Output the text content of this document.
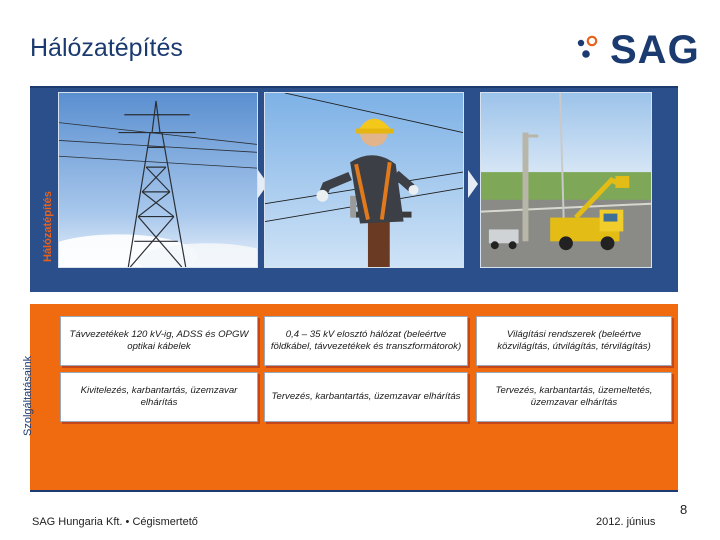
Hálózatépítés	SAG
Hálózatépítés
Szolgáltatásaink
Távvezetékek 120 kV-ig, ADSS és OPGW optikai kábelek
0,4 – 35 kV elosztó hálózat (beleértve földkábel, távvezetékek és transzformátorok)
Világítási rendszerek (beleértve közvilágítás, útvilágítás, térvilágítás)
Kivitelezés, karbantartás, üzemzavar elhárítás
Tervezés, karbantartás, üzemzavar elhárítás
Tervezés, karbantartás, üzemeltetés, üzemzavar elhárítás
SAG Hungaria Kft. • Cégismertető	2012. június
8
